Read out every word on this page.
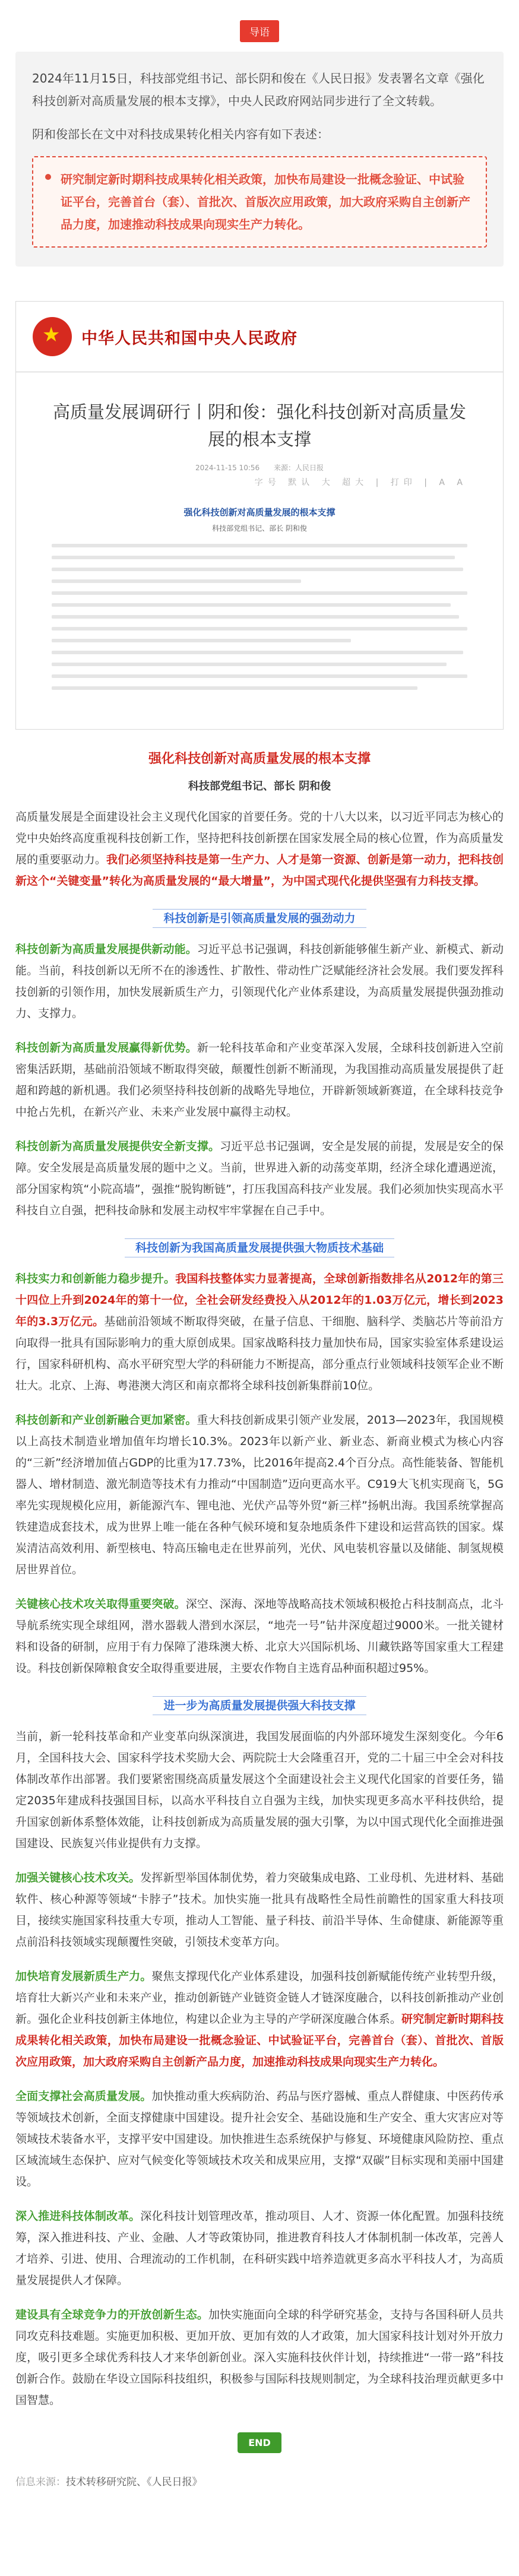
导语

2024年11月15日，科技部党组书记、部长阴和俊在《人民日报》发表署名文章《强化科技创新对高质量发展的根本支撑》，中央人民政府网站同步进行了全文转载。

阴和俊部长在文中对科技成果转化相关内容有如下表述：

研究制定新时期科技成果转化相关政策，加快布局建设一批概念验证、中试验证平台，完善首台（套）、首批次、首版次应用政策，加大政府采购自主创新产品力度，加速推动科技成果向现实生产力转化。
★
中华人民共和国中央人民政府
高质量发展调研行丨阴和俊：强化科技创新对高质量发展的根本支撑
2024-11-15 10:56 来源：人民日报
字号 默认 大 超大 | 打印 | A A
强化科技创新对高质量发展的根本支撑
科技部党组书记、部长 阴和俊
强化科技创新对高质量发展的根本支撑
科技部党组书记、部长 阴和俊

高质量发展是全面建设社会主义现代化国家的首要任务。党的十八大以来，以习近平同志为核心的党中央始终高度重视科技创新工作，坚持把科技创新摆在国家发展全局的核心位置，作为高质量发展的重要驱动力。我们必须坚持科技是第一生产力、人才是第一资源、创新是第一动力，把科技创新这个“关键变量”转化为高质量发展的“最大增量”，为中国式现代化提供坚强有力科技支撑。

科技创新是引领高质量发展的强劲动力

科技创新为高质量发展提供新动能。习近平总书记强调，科技创新能够催生新产业、新模式、新动能。当前，科技创新以无所不在的渗透性、扩散性、带动性广泛赋能经济社会发展。我们要发挥科技创新的引领作用，加快发展新质生产力，引领现代化产业体系建设，为高质量发展提供强劲推动力、支撑力。

科技创新为高质量发展赢得新优势。新一轮科技革命和产业变革深入发展，全球科技创新进入空前密集活跃期，基础前沿领域不断取得突破，颠覆性创新不断涌现，为我国推动高质量发展提供了赶超和跨越的新机遇。我们必须坚持科技创新的战略先导地位，开辟新领域新赛道，在全球科技竞争中抢占先机，在新兴产业、未来产业发展中赢得主动权。

科技创新为高质量发展提供安全新支撑。习近平总书记强调，安全是发展的前提，发展是安全的保障。安全发展是高质量发展的题中之义。当前，世界进入新的动荡变革期，经济全球化遭遇逆流，部分国家构筑“小院高墙”，强推“脱钩断链”，打压我国高科技产业发展。我们必须加快实现高水平科技自立自强，把科技命脉和发展主动权牢牢掌握在自己手中。

科技创新为我国高质量发展提供强大物质技术基础

科技实力和创新能力稳步提升。我国科技整体实力显著提高，全球创新指数排名从2012年的第三十四位上升到2024年的第十一位，全社会研发经费投入从2012年的1.03万亿元，增长到2023年的3.3万亿元。基础前沿领域不断取得突破，在量子信息、干细胞、脑科学、类脑芯片等前沿方向取得一批具有国际影响力的重大原创成果。国家战略科技力量加快布局，国家实验室体系建设运行，国家科研机构、高水平研究型大学的科研能力不断提高，部分重点行业领域科技领军企业不断壮大。北京、上海、粤港澳大湾区和南京都将全球科技创新集群前10位。

科技创新和产业创新融合更加紧密。重大科技创新成果引领产业发展，2013—2023年，我国规模以上高技术制造业增加值年均增长10.3%。2023年以新产业、新业态、新商业模式为核心内容的“三新”经济增加值占GDP的比重为17.73%，比2016年提高2.4个百分点。高性能装备、智能机器人、增材制造、激光制造等技术有力推动“中国制造”迈向更高水平。C919大飞机实现商飞，5G率先实现规模化应用，新能源汽车、锂电池、光伏产品等外贸“新三样”扬帆出海。我国系统掌握高铁建造成套技术，成为世界上唯一能在各种气候环境和复杂地质条件下建设和运营高铁的国家。煤炭清洁高效利用、新型核电、特高压输电走在世界前列，光伏、风电装机容量以及储能、制氢规模居世界首位。

关键核心技术攻关取得重要突破。深空、深海、深地等战略高技术领域积极抢占科技制高点，北斗导航系统实现全球组网，潜水器载人潜到水深层，“地壳一号”钻井深度超过9000米。一批关键材料和设备的研制，应用于有力保障了港珠澳大桥、北京大兴国际机场、川藏铁路等国家重大工程建设。科技创新保障粮食安全取得重要进展，主要农作物自主选育品种面积超过95%。

进一步为高质量发展提供强大科技支撑

当前，新一轮科技革命和产业变革向纵深演进，我国发展面临的内外部环境发生深刻变化。今年6月，全国科技大会、国家科学技术奖励大会、两院院士大会隆重召开，党的二十届三中全会对科技体制改革作出部署。我们要紧密围绕高质量发展这个全面建设社会主义现代化国家的首要任务，锚定2035年建成科技强国目标，以高水平科技自立自强为主线，加快实现更多高水平科技供给，提升国家创新体系整体效能，让科技创新成为高质量发展的强大引擎，为以中国式现代化全面推进强国建设、民族复兴伟业提供有力支撑。

加强关键核心技术攻关。发挥新型举国体制优势，着力突破集成电路、工业母机、先进材料、基础软件、核心种源等领域“卡脖子”技术。加快实施一批具有战略性全局性前瞻性的国家重大科技项目，接续实施国家科技重大专项，推动人工智能、量子科技、前沿半导体、生命健康、新能源等重点前沿科技领域实现颠覆性突破，引领技术变革方向。

加快培育发展新质生产力。聚焦支撑现代化产业体系建设，加强科技创新赋能传统产业转型升级，培育壮大新兴产业和未来产业，推动创新链产业链资金链人才链深度融合，以科技创新推动产业创新。强化企业科技创新主体地位，构建以企业为主导的产学研深度融合体系。研究制定新时期科技成果转化相关政策，加快布局建设一批概念验证、中试验证平台，完善首台（套）、首批次、首版次应用政策，加大政府采购自主创新产品力度，加速推动科技成果向现实生产力转化。

全面支撑社会高质量发展。加快推动重大疾病防治、药品与医疗器械、重点人群健康、中医药传承等领域技术创新，全面支撑健康中国建设。提升社会安全、基础设施和生产安全、重大灾害应对等领域技术装备水平，支撑平安中国建设。加快推进生态系统保护与修复、环境健康风险防控、重点区域流域生态保护、应对气候变化等领域技术攻关和成果应用，支撑“双碳”目标实现和美丽中国建设。

深入推进科技体制改革。深化科技计划管理改革，推动项目、人才、资源一体化配置。加强科技统筹，深入推进科技、产业、金融、人才等政策协同，推进教育科技人才体制机制一体改革，完善人才培养、引进、使用、合理流动的工作机制，在科研实践中培养造就更多高水平科技人才，为高质量发展提供人才保障。

建设具有全球竞争力的开放创新生态。加快实施面向全球的科学研究基金，支持与各国科研人员共同攻克科技难题。实施更加积极、更加开放、更加有效的人才政策，加大国家科技计划对外开放力度，吸引更多全球优秀科技人才来华创新创业。深入实施科技伙伴计划，持续推进“一带一路”科技创新合作。鼓励在华设立国际科技组织，积极参与国际科技规则制定，为全球科技治理贡献更多中国智慧。

END
信息来源：技术转移研究院、《人民日报》
